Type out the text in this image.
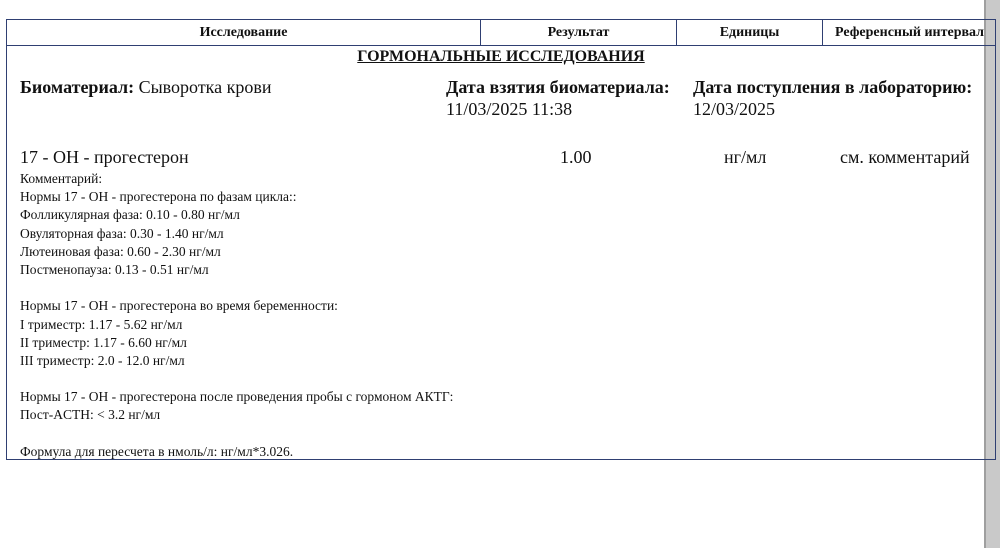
Исследование	Результат	Единицы	Референсный интервал
ГОРМОНАЛЬНЫЕ ИССЛЕДОВАНИЯ
Биоматериал: Сыворотка крови	Дата взятия биоматериала:
11/03/2025 11:38
Дата поступления в лабораторию:
12/03/2025
17 - OH - прогестерон	1.00	нг/мл	см. комментарий
Комментарий:
Нормы 17 - OH - прогестерона по фазам цикла::
Фолликулярная фаза: 0.10 - 0.80 нг/мл
Овуляторная фаза: 0.30 - 1.40 нг/мл
Лютеиновая фаза: 0.60 - 2.30 нг/мл
Постменопауза: 0.13 - 0.51 нг/мл
Нормы 17 - OH - прогестерона во время беременности:
I триместр: 1.17 - 5.62 нг/мл
II триместр: 1.17 - 6.60 нг/мл
III триместр: 2.0 - 12.0 нг/мл
Нормы 17 - OH - прогестерона после проведения пробы с гормоном АКТГ:
Пост-ACTH: < 3.2 нг/мл
Формула для пересчета в нмоль/л: нг/мл*3.026.
